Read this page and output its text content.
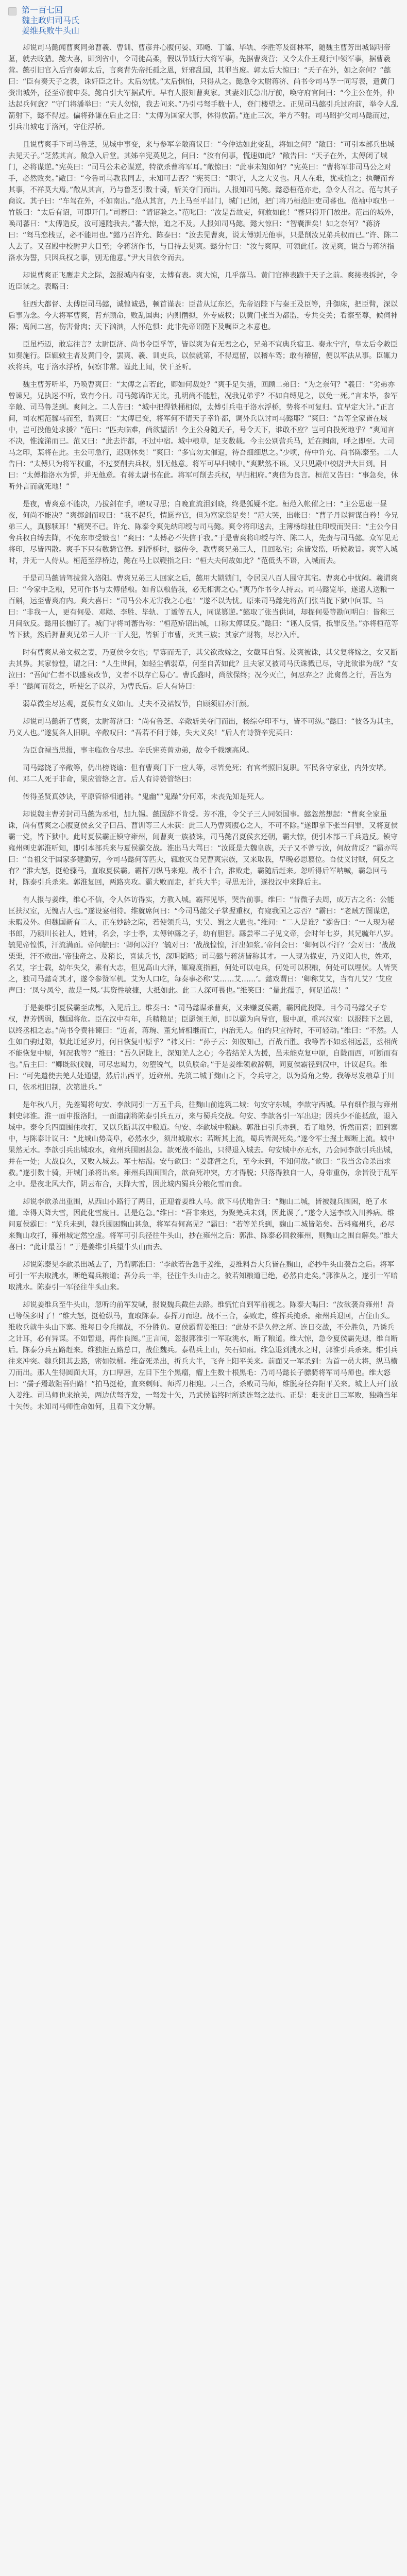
第一百七回
魏主政归司马氏
姜维兵败牛头山

却说司马懿闻曹爽同弟曹羲、曹训、曹彦并心腹何晏、邓飏、丁谧、毕轨、李胜等及御林军，随魏主曹芳出城谒明帝墓，就去畋猎。懿大喜，即到省中，令司徒高柔，假以节钺行大将军事，先据曹爽营；又令太仆王观行中领军事，据曹羲营。懿引旧官入后宫奏郭太后，言爽背先帝托孤之恩，奸邪乱国，其罪当废。郭太后大惊曰：“天子在外，如之奈何？”懿曰：“臣有奏天子之表，诛奸臣之计。太后勿忧。”太后惧怕，只得从之。懿急令太尉蒋济、尚书令司马孚一同写表，遣黄门赍出城外，径至帝前申奏。懿自引大军据武库。早有人报知曹爽家。其妻刘氏急出厅前，唤守府官问曰：“今主公在外，仲达起兵何意？”守门将潘举曰：“夫人勿惊，我去问来。”乃引弓弩手数十人，登门楼望之。正见司马懿引兵过府前，举令人乱箭射下，懿不得过。偏将孙谦在后止之曰：“太傅为国家大事，休得放箭。”连止三次，举方不射。司马昭护父司马懿而过，引兵出城屯于洛河，守住浮桥。

且说曹爽手下司马鲁芝，见城中事变，来与参军辛敞商议曰：“今仲达如此变乱，将如之何？”敞曰：“可引本部兵出城去见天子。”芝然其言。敞急入后堂。其姊辛宪英见之，问曰：“汝有何事，慌速如此？”敞告曰：“天子在外，太傅闭了城门，必将谋逆。”宪英曰：“司马公未必谋逆，特欲杀曹将军耳。”敞惊曰：“此事未知如何？”宪英曰：“曹将军非司马公之对手，必然败矣。”敞曰：“今鲁司马教我同去，未知可去否？”宪英曰：“职守，人之大义也。凡人在难，犹或恤之；执鞭而弃其事，不祥莫大焉。”敞从其言，乃与鲁芝引数十骑，斩关夺门而出。人报知司马懿。懿恐桓范亦走，急令人召之。范与其子商议。其子曰：“车驾在外，不如南出。”范从其言，乃上马至平昌门，城门已闭，把门将乃桓范旧吏司蕃也。范袖中取出一竹版曰：“太后有诏，可即开门。”司蕃曰：“请诏验之。”范叱曰：“汝是吾故吏，何敢如此！”蕃只得开门放出。范出的城外，唤司蕃曰：“太傅造反，汝可速随我去。”蕃大惊，追之不及。人报知司马懿。懿大惊曰：“智囊泄矣！如之奈何？”蒋济曰：“驽马恋栈豆，必不能用也。”懿乃召许允、陈泰曰：“汝去见曹爽，说太傅别无他事，只是削汝兄弟兵权而已。”许、陈二人去了。又召殿中校尉尹大目至；令蒋济作书，与目持去见爽。懿分付曰：“汝与爽厚，可领此任。汝见爽，说吾与蒋济指洛水为誓，只因兵权之事，别无他意。”尹大目依令而去。

却说曹爽正飞鹰走犬之际，忽报城内有变，太傅有表。爽大惊，几乎落马。黄门官捧表跪于天子之前。爽接表拆封，令近臣读之。表略曰：

征西大都督、太傅臣司马懿，诚惶诚恐，顿首谨表：臣昔从辽东还，先帝诏陛下与秦王及臣等，升御床，把臣臂，深以后事为念。今大将军曹爽，背弃顾命，败乱国典；内则僭拟，外专威权；以黄门张当为都监，专共交关；看察至尊，候伺神器；离间二宫，伤害骨肉；天下汹汹，人怀危惧：此非先帝诏陛下及嘱臣之本意也。

臣虽朽迈，敢忘往言？太尉臣济、尚书令臣孚等，皆以爽为有无君之心，兄弟不宜典兵宿卫。奏永宁宫，皇太后令敕臣如奏施行。臣辄敕主者及黄门令，罢爽、羲、训吏兵，以侯就第，不得逗留，以稽车驾；敢有稽留，便以军法从事。臣辄力疾将兵，屯于洛水浮桥，伺察非常。谨此上闻，伏干圣听。

魏主曹芳听毕，乃唤曹爽曰：“太傅之言若此，卿如何裁处？”爽手足失措，回顾二弟曰：“为之奈何？”羲曰：“劣弟亦曾谏兄，兄执迷不听，致有今日。司马懿谲诈无比，孔明尚不能胜，况我兄弟乎？不如自缚见之，以免一死。”言未毕，参军辛敞、司马鲁芝到。爽问之。二人告曰：“城中把得铁桶相似，太傅引兵屯于洛水浮桥，势将不可复归。宜早定大计。”正言间，司农桓范骤马而至，谓爽曰：“太傅已变，将军何不请天子幸许都，调外兵以讨司马懿耶？”爽曰：“吾等全家皆在城中，岂可投他处求援？”范曰：“匹夫临难，尚欲望活！今主公身随天子，号令天下，谁敢不应？岂可自投死地乎？”爽闻言不决，惟流涕而已。范又曰：“此去许都，不过中宿。城中粮草，足支数载。今主公别营兵马，近在阙南，呼之即至。大司马之印，某将在此。主公可急行，迟则休矣！”爽曰：“多官勿太催逼，待吾细细思之。”少顷，侍中许允、尚书陈泰至。二人告曰：“太傅只为将军权重，不过要削去兵权，别无他意。将军可早归城中。”爽默然不语。又只见殿中校尉尹大目到。目曰：“太傅指洛水为誓，并无他意。有蒋太尉书在此。将军可削去兵权，早归相府。”爽信为良言。桓范又告曰：“事急矣，休听外言而就死地！”

是夜，曹爽意不能决，乃拔剑在手，嗟叹寻思；自晚直流泪到晓，终是狐疑不定。桓范入帐催之曰：“主公思虑一昼夜，何尚不能决？”爽掷剑而叹曰：“我不起兵，情愿弃官，但为富家翁足矣！”范大哭，出帐曰：“曹子丹以智谋自矜！今兄弟三人，真豚犊耳！”痛哭不已。许允、陈泰令爽先纳印绶与司马懿。爽令将印送去，主簿杨综扯住印绶而哭曰：“主公今日舍兵权自缚去降，不免东市受戮也！”爽曰：“太傅必不失信于我。”于是曹爽将印绶与许、陈二人，先赍与司马懿。众军见无将印，尽皆四散。爽手下只有数骑官僚。到浮桥时，懿传令，教曹爽兄弟三人，且回私宅；余皆发监，听候敕旨。爽等入城时，并无一人侍从。桓范至浮桥边，懿在马上以鞭指之曰：“桓大夫何故如此？”范低头不语，入城而去。

于是司马懿请驾拔营入洛阳。曹爽兄弟三人回家之后，懿用大锁锁门，令居民八百人围守其宅。曹爽心中忧闷。羲谓爽曰：“今家中乏粮，兄可作书与太傅借粮。如肯以粮借我，必无相害之心。”爽乃作书令人持去。司马懿览毕，遂遣人送粮一百斛，运至曹爽府内。爽大喜曰：“司马公本无害我之心也！”遂不以为忧。原来司马懿先将黄门张当捉下狱中问罪。当曰：“非我一人，更有何晏、邓飏、李胜、毕轨、丁谧等五人，同谋篡逆。”懿取了张当供词，却捉何晏等勘问明白：皆称三月间欲反。懿用长枷钉了。城门守将司蕃告称：“桓范矫诏出城，口称太傅谋反。”懿曰：“诬人反情，抵罪反坐。”亦将桓范等皆下狱，然后押曹爽兄弟三人并一干人犯，皆斩于市曹，灭其三族；其家产财物，尽抄入库。

时有曹爽从弟文叔之妻，乃夏侯令女也；早寡而无子，其父欲改嫁之，女截耳自誓。及爽被诛，其父复将嫁之，女又断去其鼻。其家惊惶，谓之曰：“人生世间，如轻尘栖弱草，何至自苦如此？且夫家又被司马氏诛戮已尽，守此欲谁为哉？”女泣曰：“吾闻‘仁者不以盛衰改节，义者不以存亡易心’。曹氏盛时，尚欲保终；况今灭亡，何忍弃之？此禽兽之行，吾岂为乎！”懿闻而贤之，听使乞子以养，为曹氏后。后人有诗曰：

弱草微尘尽达观，夏侯有女义如山。丈夫不及裙钗节，自顾须眉亦汗颜。

却说司马懿斩了曹爽，太尉蒋济曰：“尚有鲁芝、辛敞斩关夺门而出，杨综夺印不与，皆不可纵。”懿曰：“彼各为其主，乃义人也。”遂复各人旧职。辛敞叹曰：“吾若不问于姊，失大义矣！”后人有诗赞辛宪英曰：

为臣食禄当思报，事主临危合尽忠。辛氏宪英曾劝弟，故令千载颂高风。

司马懿饶了辛敞等，仍出榜晓谕：但有曹爽门下一应人等，尽皆免死；有官者照旧复职。军民各守家业，内外安堵。何、邓二人死于非命，果应管辂之言。后人有诗赞管辂曰：

传得圣贤真妙诀，平原管辂相通神。“鬼幽”“鬼躁”分何邓，未丧先知是死人。

却说魏主曹芳封司马懿为丞相，加九锡。懿固辞不肯受。芳不准，令父子三人同领国事。懿忽然想起：“曹爽全家虽诛，尚有曹爽之心腹夏侯玄父子曰吕、曹训等三人未获：此三人乃曹爽腹心之人，不可不除。”遂即拿下张当问罪，又将夏侯霸一党，皆下狱中。此时夏侯霸正镇守雍州，闻曹爽一族被诛，司马懿召夏侯玄还朝，霸大惊，便引本部三千兵造反。镇守雍州刺史郭淮听知，即引本部兵来与夏侯霸交战。淮出马大骂曰：“汝既是大魏皇族，天子又不曾亏汝，何故背反？”霸亦骂曰：“吾祖父于国家多建勤劳，今司马懿何等匹夫，辄敢灭吾兄曹爽宗族，又来取我，早晚必思篡位。吾仗义讨贼，何反之有？”淮大怒，挺枪骤马，直取夏侯霸。霸挥刀纵马来迎。战不十合，淮败走，霸随后赶来。忽听得后军呐喊，霸急回马时，陈泰引兵杀来。郭淮复回，两路夹攻。霸大败而走，折兵大半；寻思无计，遂投汉中来降后主。

有人报与姜维，维心不信，令人体访得实，方教入城。霸拜见毕，哭告前事。维曰：“昔微子去周，成万古之名：公能匡扶汉室，无愧古人也。”遂设宴相待。维就席问曰：“今司马懿父子掌握重权，有窥我国之志否？”霸曰：“老贼方图谋逆，未暇及外。但魏国新有二人，正在妙龄之际，若使领兵马，实吴、蜀之大患也。”维问：“二人是谁？”霸告曰：“一人现为秘书郎，乃颍川长社人，姓钟，名会，字士季，太傅钟繇之子，幼有胆智。繇尝率二子见文帝，会时年七岁，其兄毓年八岁。毓见帝惶惧，汗流满面。帝问毓曰：‘卿何以汗？’毓对曰：‘战战惶惶，汗出如浆。’帝问会曰：‘卿何以不汗？’会对曰：‘战战栗栗，汗不敢出。’帝独奇之。及稍长，喜读兵书，深明韬略；司马懿与蒋济皆称其才。一人现为掾吏，乃义阳人也，姓邓，名艾，字士载，幼年失父，素有大志，但见高山大泽，辄窥度指画，何处可以屯兵，何处可以积粮，何处可以埋伏。人皆笑之，独司马懿奇其才，遂令参赞军机。艾为人口吃，每奏事必称‘艾……艾……’。懿戏谓曰：‘卿称艾艾，当有几艾？’艾应声曰：‘凤兮凤兮，故是一凤。’其资性敏捷，大抵如此。此二人深可畏也。”维笑曰：“量此孺子，何足道哉！”

于是姜维引夏侯霸至成都，入见后主。维奏曰：“司马懿谋杀曹爽，又来赚夏侯霸，霸因此投降。目今司马懿父子专权，曹芳懦弱，魏国将危。臣在汉中有年，兵精粮足；臣愿领王师，即以霸为向导官，服中原，重兴汉室：以报陛下之恩，以终丞相之志。”尚书令费祎谏曰：“近者，蒋琬、董允皆相继而亡，内治无人。伯约只宜待时，不可轻动。”维曰：“不然。人生如白驹过隙，似此迁延岁月，何日恢复中原乎？”祎又曰：“孙子云：知彼知己，百战百胜。我等皆不如丞相远甚，丞相尚不能恢复中原，何况我等？”维曰：“吾久居陇上，深知羌人之心；今若结羌人为援，虽未能克复中原，自陇而西，可断而有也。”后主曰：“卿既欲伐魏，可尽忠竭力，勿堕锐气，以负朕命。”于是姜维领敕辞朝，同夏侯霸径到汉中，计议起兵。维曰：“可先遣使去羌人处通盟，然后出西平，近雍州。先筑二城于麴山之下，令兵守之，以为掎角之势。我等尽发粮草于川口，依丞相旧制，次第进兵。”

是年秋八月，先差蜀将句安、李歆同引一万五千兵，往麴山前连筑二城：句安守东城，李歆守西城。早有细作报与雍州刺史郭淮。淮一面申报洛阳，一面遣副将陈泰引兵五万，来与蜀兵交战。句安、李歆各引一军出迎；因兵少不能抵敌，退入城中。泰令兵四面围住攻打，又以兵断其汉中粮道。句安、李歆城中粮缺。郭淮自引兵亦到，看了地势，忻然而喜；回到寨中，与陈泰计议曰：“此城山势高阜，必然水少，须出城取水；若断其上流，蜀兵皆渴死矣。”遂令军士掘土堰断上流。城中果然无水。李歆引兵出城取水，雍州兵围困甚急。歆死战不能出，只得退入城去。句安城中亦无水，乃会同李歆引兵出城，并在一处；大战良久，又败入城去。军士枯渴。安与歆曰：“姜都督之兵，至今未到，不知何故。”歆曰：“我当舍命杀出求救。”遂引数十骑，开城门杀将出来。雍州兵四面围合，歆奋死冲突，方才得脱；只落得独自一人，身带重伤，余皆没于乱军之中。是夜北风大作，阴云布合，天降大雪，因此城内蜀兵分粮化雪而食。

却说李歆杀出重围，从西山小路行了两日，正迎着姜维人马。歆下马伏地告曰：“麴山二城，皆被魏兵围困，绝了水道。幸得天降大雪，因此化雪度日。甚是危急。”维曰：“吾非来迟，为聚羌兵未到，因此误了。”遂令人送李歆入川养病。维问夏侯霸曰：“羌兵未到，魏兵围困麴山甚急，将军有何高见？”霸曰：“若等羌兵到，麴山二城皆陷矣。吾料雍州兵，必尽来麴山攻打，雍州城定然空虚。将军可引兵径往牛头山，抄在雍州之后：郭淮、陈泰必回救雍州，则麴山之围自解矣。”维大喜曰：“此计最善！”于是姜维引兵望牛头山而去。

却说陈泰见李歆杀出城去了，乃谓郭淮曰：“李歆若告急于姜维，姜维料吾大兵皆在麴山，必抄牛头山袭吾之后。将军可引一军去取洮水，断绝蜀兵粮道；吾分兵一半，径往牛头山击之。彼若知粮道已绝，必然自走矣。”郭淮从之，遂引一军暗取洮水。陈泰引一军径往牛头山来。

却说姜维兵至牛头山，忽听的前军发喊，报说魏兵截住去路。维慌忙自到军前视之。陈泰大喝曰：“汝欲袭吾雍州！吾已等候多时了！”维大怒，挺枪纵马，直取陈泰。泰挥刀而迎。战不三合，泰败走，维挥兵掩杀。雍州兵退回，占住山头。维收兵就牛头山下寨。维每日令兵搦战，不分胜负。夏侯霸谓姜维曰：“此处不是久停之所。连日交战，不分胜负，乃诱兵之计耳，必有异谋。不如暂退，再作良图。”正言间，忽报郭淮引一军取洮水，断了粮道。维大惊，急令夏侯霸先退，维自断后。陈泰分兵五路赶来。维独拒五路总口，战住魏兵。泰勒兵上山，矢石如雨。维急退到洮水之时，郭淮引兵杀来。维引兵往来冲突。魏兵阻其去路，密如铁桶。维奋死杀出，折兵大半，飞奔上阳平关来。前面又一军杀到：为首一员大将，纵马横刀而出。那人生得圆面大耳，方口厚唇，左目下生个黑瘤，瘤上生数十根黑毛：乃司马懿长子骠骑将军司马师也。维大怒曰：“孺子焉敢阻吾归路！”拍马挺枪，直来刺师。师挥刀相迎。只三合，杀败司马师，维脱身径奔阳平关来。城上人开门放入姜维。司马师也来抢关，两边伏弩齐发，一弩发十矢，乃武侯临终时所遗连弩之法也。正是：难支此日三军败，独赖当年十矢传。未知司马师性命如何，且看下文分解。
